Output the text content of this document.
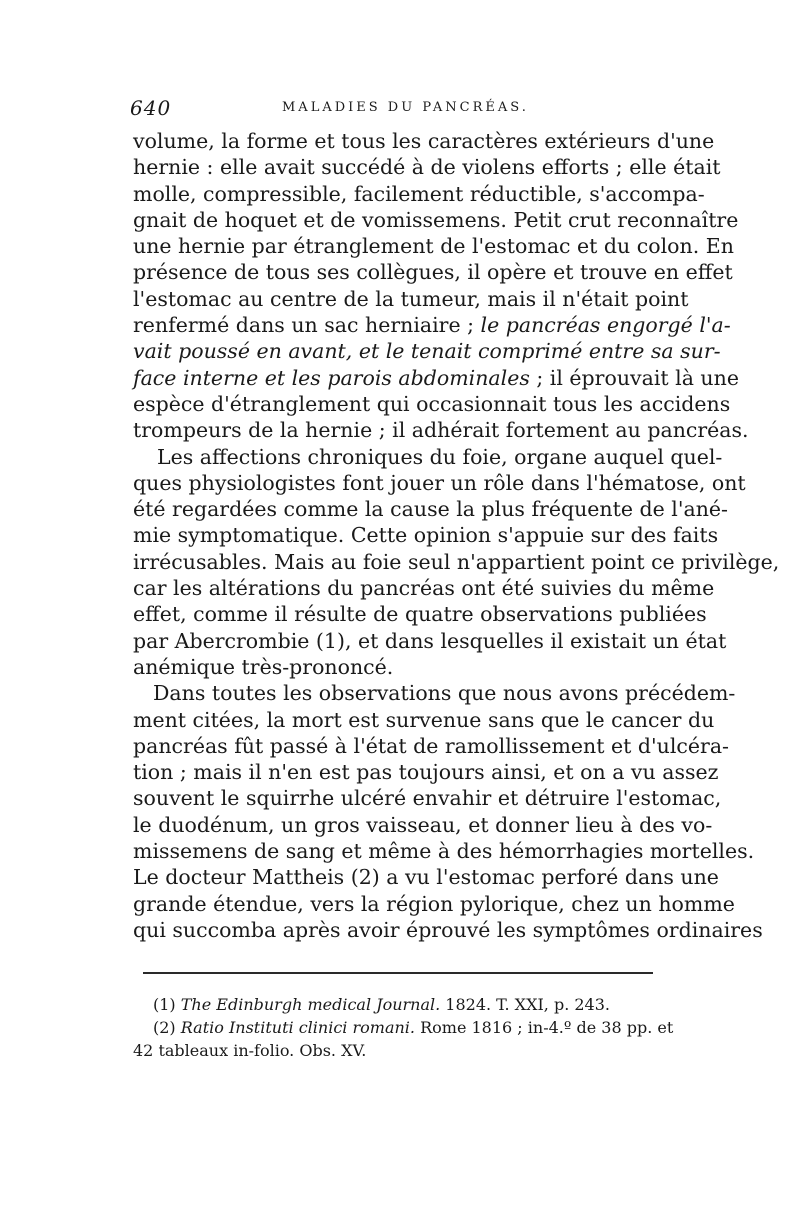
640	MALADIES DU PANCRÉAS.
volume, la forme et tous les caractères extérieurs d'une
hernie : elle avait succédé à de violens efforts ; elle était
molle, compressible, facilement réductible, s'accompa-
gnait de hoquet et de vomissemens. Petit crut reconnaître
une hernie par étranglement de l'estomac et du colon. En
présence de tous ses collègues, il opère et trouve en effet
l'estomac au centre de la tumeur, mais il n'était point
renfermé dans un sac herniaire ; le pancréas engorgé l'a-
vait poussé en avant, et le tenait comprimé entre sa sur-
face interne et les parois abdominales ; il éprouvait là une
espèce d'étranglement qui occasionnait tous les accidens
trompeurs de la hernie ; il adhérait fortement au pancréas.
Les affections chroniques du foie, organe auquel quel-
ques physiologistes font jouer un rôle dans l'hématose, ont
été regardées comme la cause la plus fréquente de l'ané-
mie symptomatique. Cette opinion s'appuie sur des faits
irrécusables. Mais au foie seul n'appartient point ce privilège,
car les altérations du pancréas ont été suivies du même
effet, comme il résulte de quatre observations publiées
par Abercrombie (1), et dans lesquelles il existait un état
anémique très-prononcé.
Dans toutes les observations que nous avons précédem-
ment citées, la mort est survenue sans que le cancer du
pancréas fût passé à l'état de ramollissement et d'ulcéra-
tion ; mais il n'en est pas toujours ainsi, et on a vu assez
souvent le squirrhe ulcéré envahir et détruire l'estomac,
le duodénum, un gros vaisseau, et donner lieu à des vo-
missemens de sang et même à des hémorrhagies mortelles.
Le docteur Mattheis (2) a vu l'estomac perforé dans une
grande étendue, vers la région pylorique, chez un homme
qui succomba après avoir éprouvé les symptômes ordinaires
(1) The Edinburgh medical Journal. 1824. T. XXI, p. 243.
(2) Ratio Instituti clinici romani. Rome 1816 ; in-4.º de 38 pp. et
42 tableaux in-folio. Obs. XV.
